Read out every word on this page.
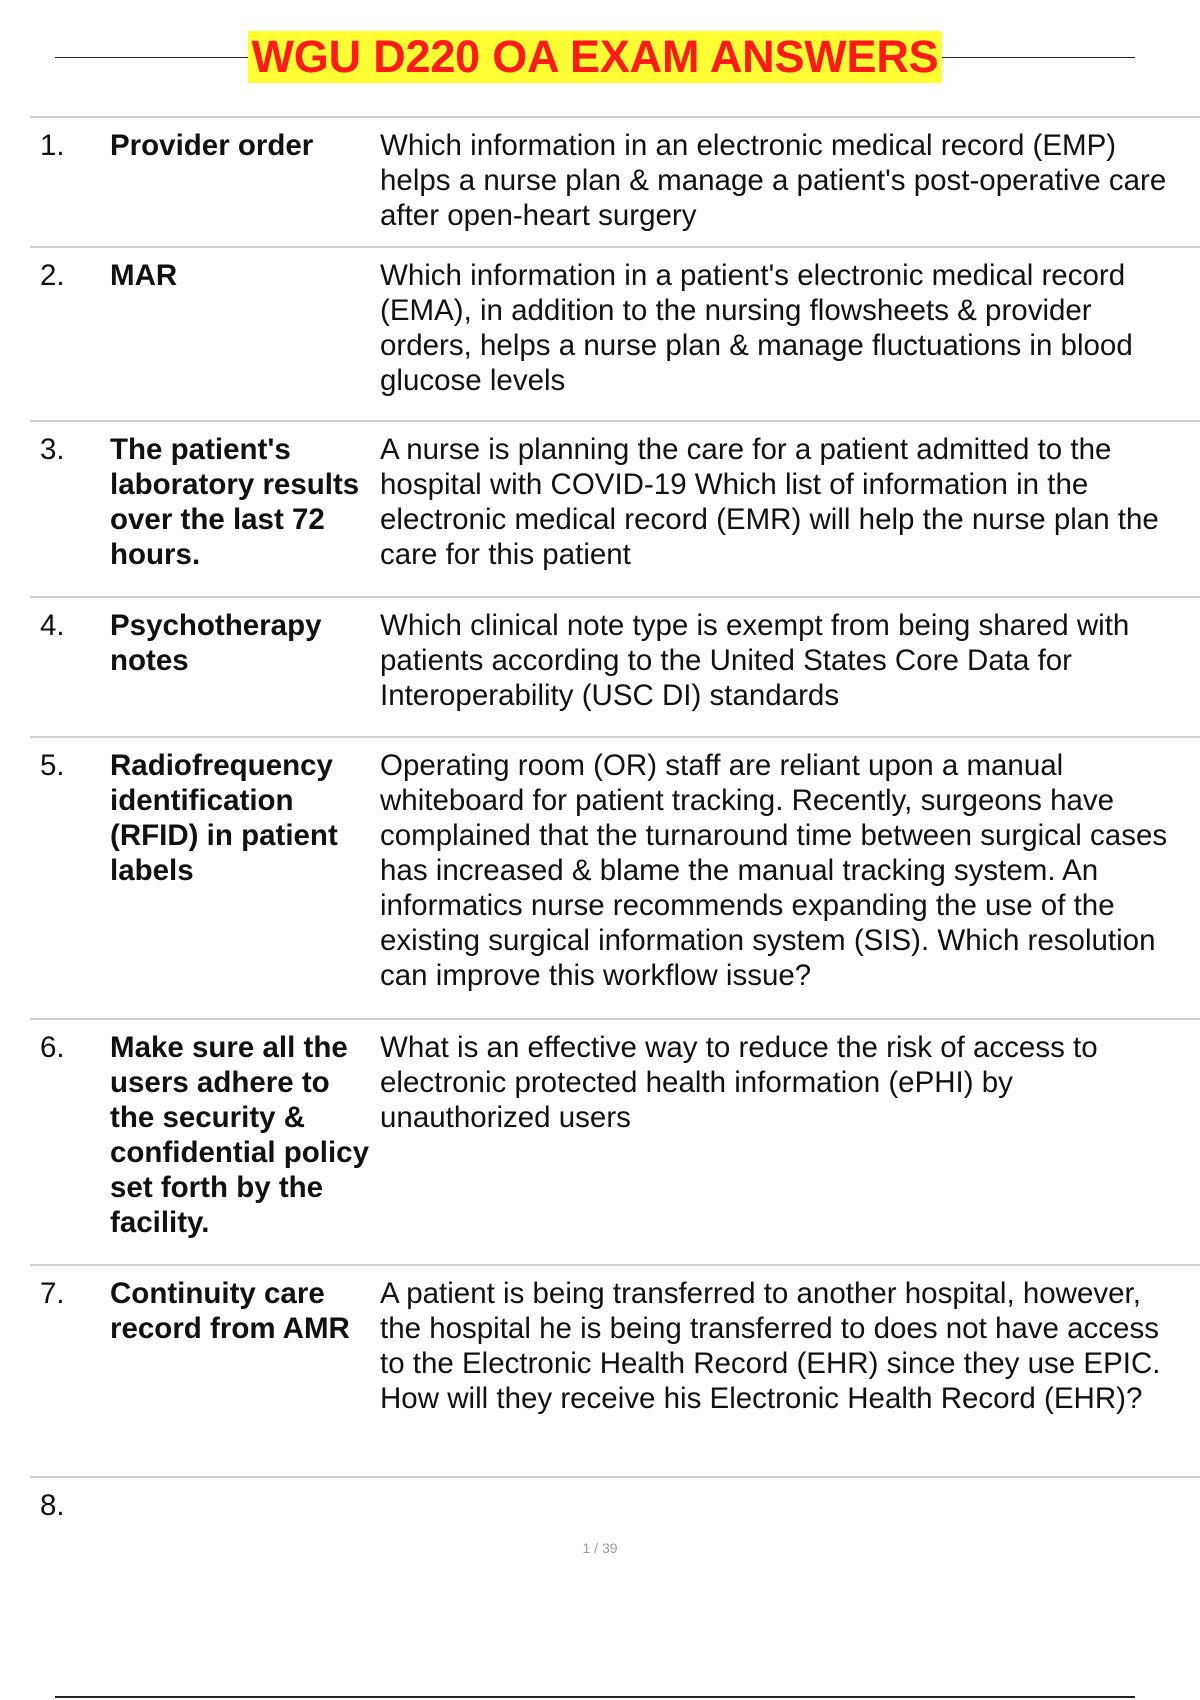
WGU D220 OA EXAM ANSWERS
1.	Provider order	Which information in an electronic medical record (EMP) helps a nurse plan & manage a patient's post-operative care after open-heart surgery
2.	MAR	Which information in a patient's electronic medical record (EMA), in addition to the nursing flowsheets & provider orders, helps a nurse plan & manage fluctuations in blood glucose levels
3.	The patient's laboratory results over the last 72 hours.
A nurse is planning the care for a patient admitted to the hospital with COVID-19 Which list of information in the electronic medical record (EMR) will help the nurse plan the care for this patient
4.	Psychotherapy notes
Which clinical note type is exempt from being shared with patients according to the United States Core Data for Interoperability (USC DI) standards
5.	Radiofrequency identification (RFID) in patient labels
Operating room (OR) staff are reliant upon a manual whiteboard for patient tracking. Recently, surgeons have complained that the turnaround time between surgical cases has increased & blame the manual tracking system. An informatics nurse recommends expanding the use of the existing surgical information system (SIS). Which resolution can improve this workflow issue?
6.	Make sure all the users adhere to the security & confidential policy set forth by the facility.
What is an effective way to reduce the risk of access to electronic protected health information (ePHI) by unauthorized users
7.	Continuity care record from AMR
A patient is being transferred to another hospital, however, the hospital he is being transferred to does not have access to the Electronic Health Record (EHR) since they use EPIC. How will they receive his Electronic Health Record (EHR)?
8.
1 / 39
